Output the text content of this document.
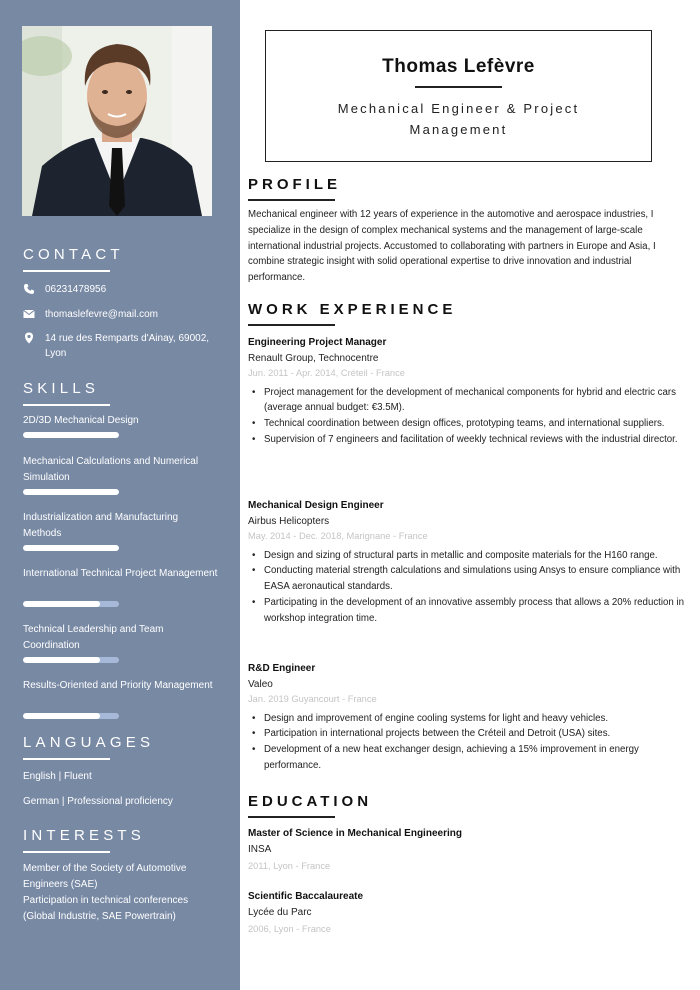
CONTACT
06231478956
thomaslefevre@mail.com
14 rue des Remparts d'Ainay, 69002, Lyon
SKILLS
2D/3D Mechanical Design
Mechanical Calculations and Numerical Simulation
Industrialization and Manufacturing Methods
International Technical Project Management
Technical Leadership and Team Coordination
Results-Oriented and Priority Management
LANGUAGES
English | Fluent
German | Professional proficiency
INTERESTS
Member of the Society of Automotive Engineers (SAE)
Participation in technical conferences (Global Industrie, SAE Powertrain)
Thomas Lefèvre
Mechanical Engineer & Project Management
PROFILE
Mechanical engineer with 12 years of experience in the automotive and aerospace industries, I specialize in the design of complex mechanical systems and the management of large-scale international industrial projects. Accustomed to collaborating with partners in Europe and Asia, I combine strategic insight with solid operational expertise to drive innovation and industrial performance.
WORK EXPERIENCE
Engineering Project Manager
Renault Group, Technocentre
Jun. 2011 - Apr. 2014, Créteil - France
• Project management for the development of mechanical components for hybrid and electric cars (average annual budget: €3.5M).
• Technical coordination between design offices, prototyping teams, and international suppliers.
• Supervision of 7 engineers and facilitation of weekly technical reviews with the industrial director.
Mechanical Design Engineer
Airbus Helicopters
May. 2014 - Dec. 2018, Marignane - France
• Design and sizing of structural parts in metallic and composite materials for the H160 range.
• Conducting material strength calculations and simulations using Ansys to ensure compliance with EASA aeronautical standards.
• Participating in the development of an innovative assembly process that allows a 20% reduction in workshop integration time.
R&D Engineer
Valeo
Jan. 2019 Guyancourt - France
• Design and improvement of engine cooling systems for light and heavy vehicles.
• Participation in international projects between the Créteil and Detroit (USA) sites.
• Development of a new heat exchanger design, achieving a 15% improvement in energy performance.
EDUCATION
Master of Science in Mechanical Engineering
INSA
2011, Lyon - France
Scientific Baccalaureate
Lycée du Parc
2006, Lyon - France
